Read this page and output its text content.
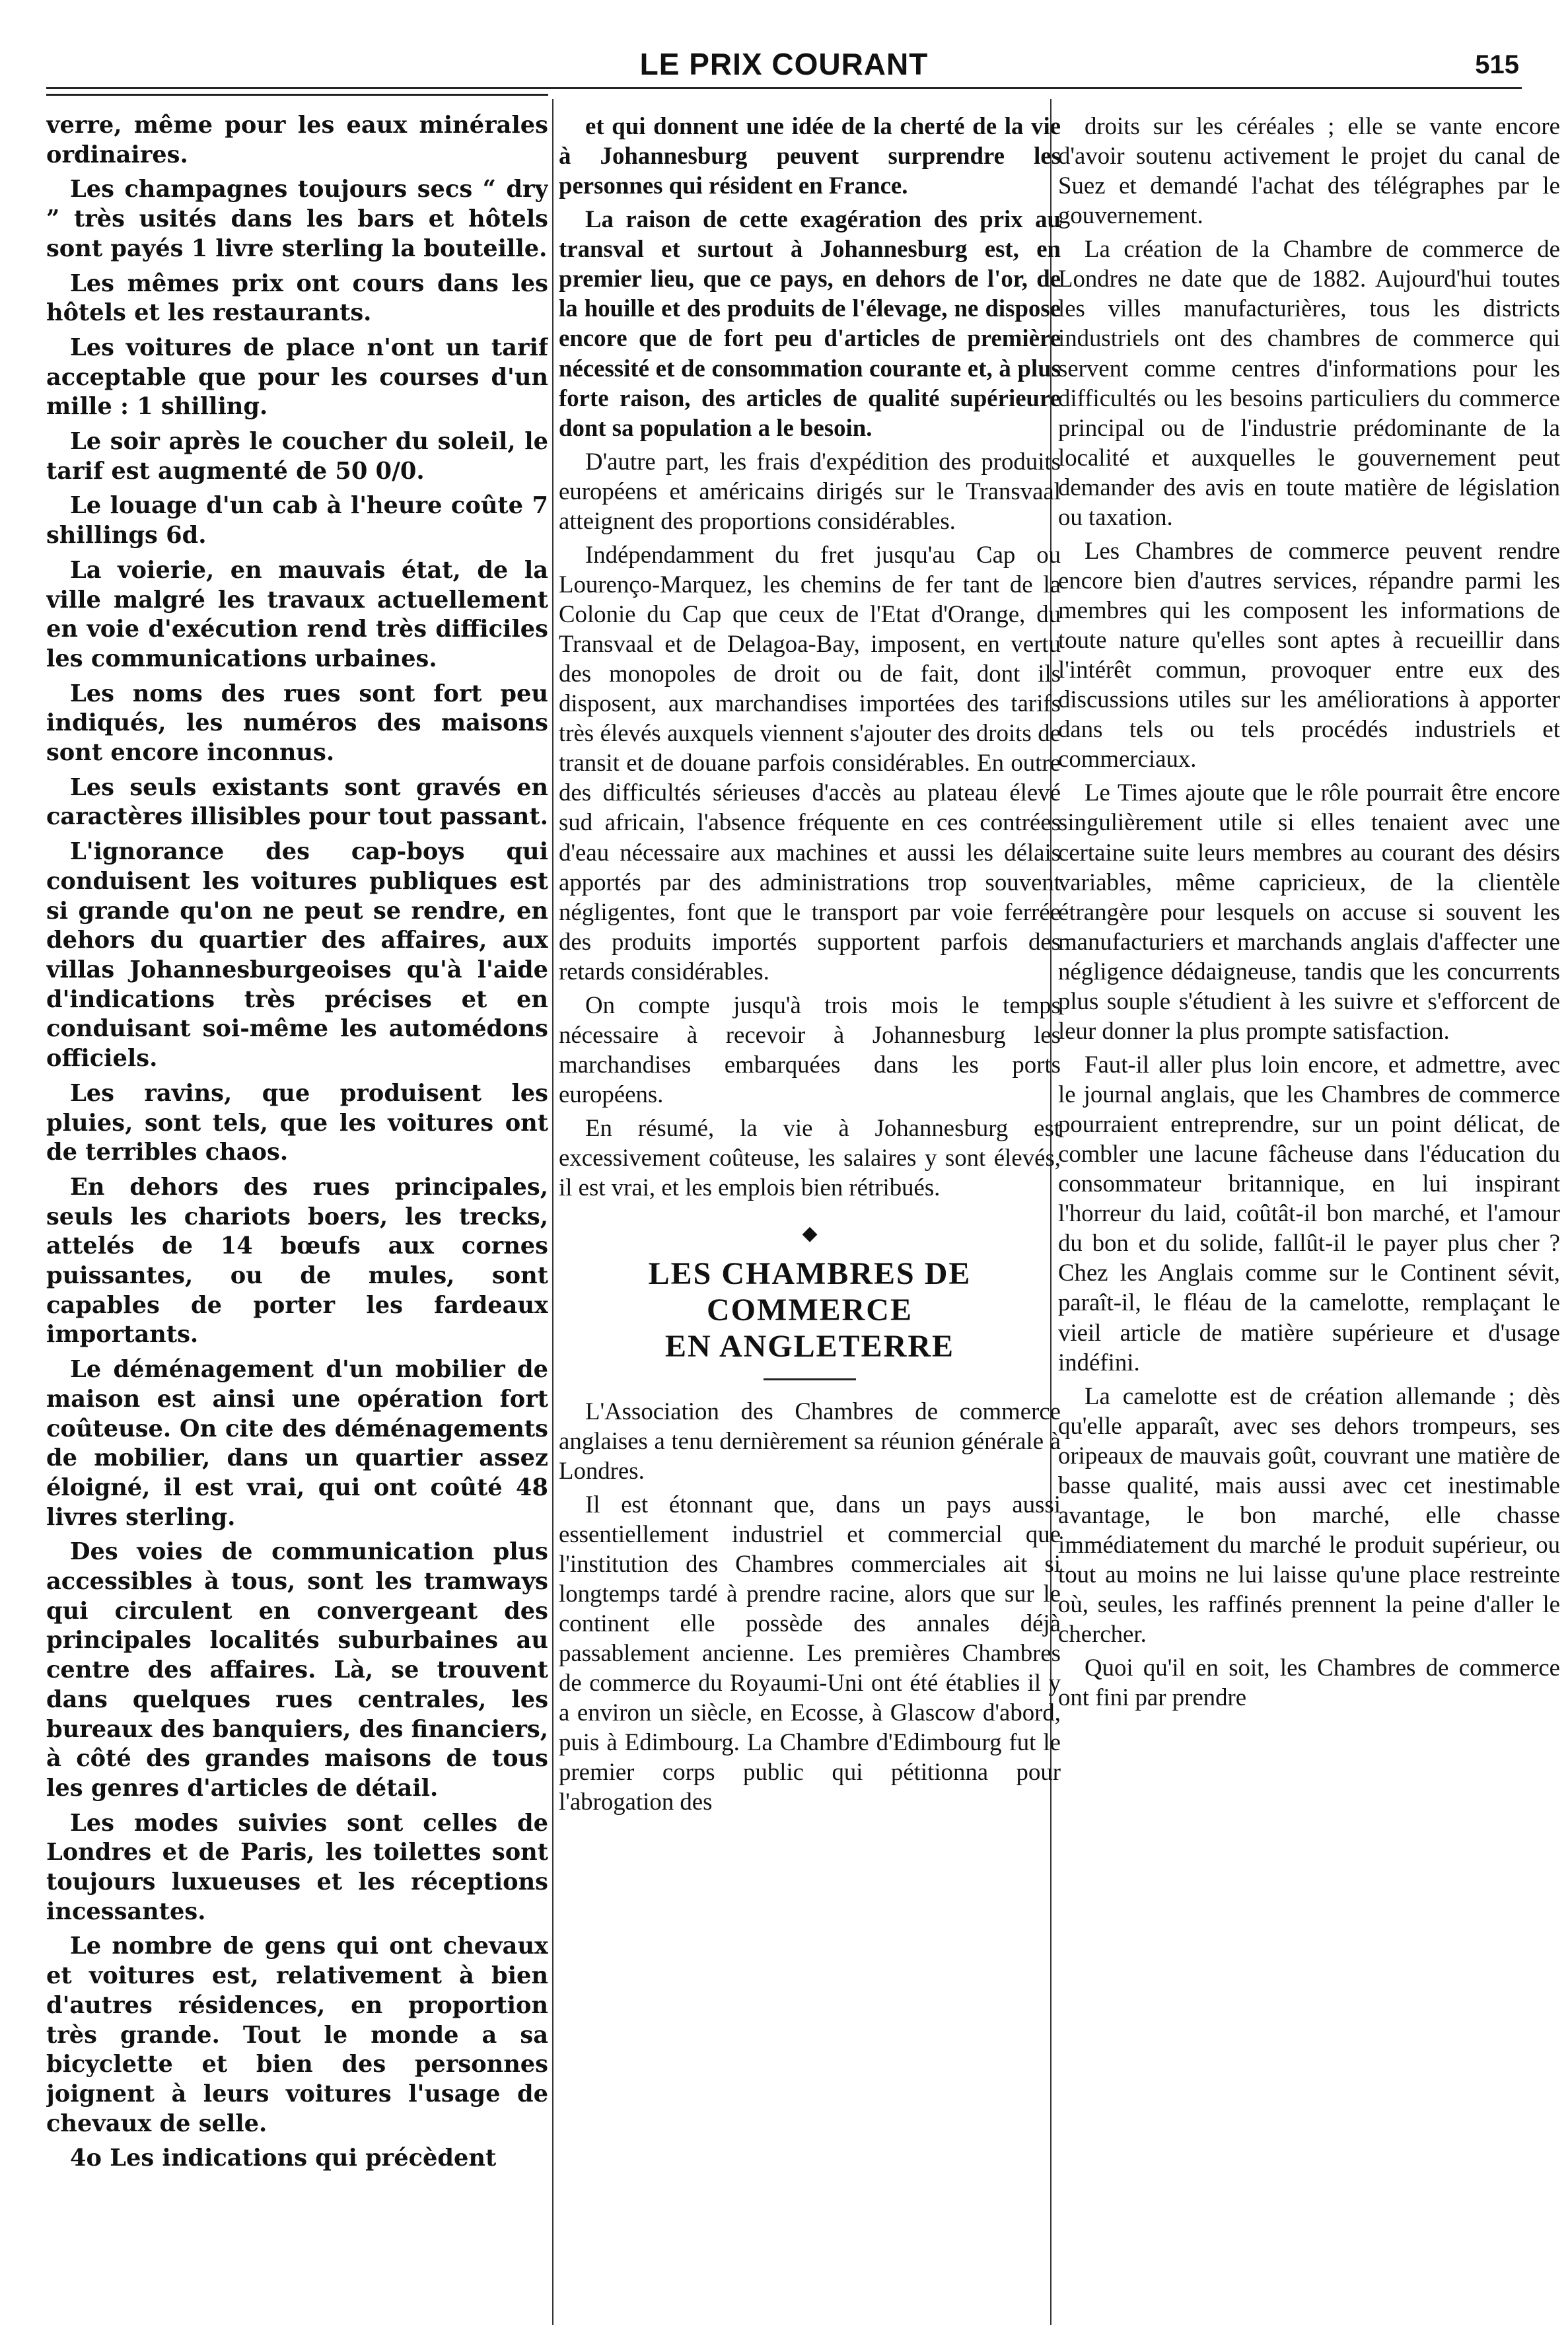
LE PRIX COURANT	515

verre, même pour les eaux minérales ordinaires.

Les champagnes toujours secs “ dry ” très usités dans les bars et hôtels sont payés 1 livre sterling la bouteille.

Les mêmes prix ont cours dans les hôtels et les restaurants.

Les voitures de place n'ont un tarif acceptable que pour les courses d'un mille : 1 shilling.

Le soir après le coucher du soleil, le tarif est augmenté de 50 0/0.

Le louage d'un cab à l'heure coûte 7 shillings 6d.

La voierie, en mauvais état, de la ville malgré les travaux actuellement en voie d'exécution rend très difficiles les communications urbaines.

Les noms des rues sont fort peu indiqués, les numéros des maisons sont encore inconnus.

Les seuls existants sont gravés en caractères illisibles pour tout passant.

L'ignorance des cap-boys qui conduisent les voitures publiques est si grande qu'on ne peut se rendre, en dehors du quartier des affaires, aux villas Johannesburgeoises qu'à l'aide d'indications très précises et en conduisant soi-même les automédons officiels.

Les ravins, que produisent les pluies, sont tels, que les voitures ont de terribles chaos.

En dehors des rues principales, seuls les chariots boers, les trecks, attelés de 14 bœufs aux cornes puissantes, ou de mules, sont capables de porter les fardeaux importants.

Le déménagement d'un mobilier de maison est ainsi une opération fort coûteuse. On cite des déménagements de mobilier, dans un quartier assez éloigné, il est vrai, qui ont coûté 48 livres sterling.

Des voies de communication plus accessibles à tous, sont les tramways qui circulent en convergeant des principales localités suburbaines au centre des affaires. Là, se trouvent dans quelques rues centrales, les bureaux des banquiers, des financiers, à côté des grandes maisons de tous les genres d'articles de détail.

Les modes suivies sont celles de Londres et de Paris, les toilettes sont toujours luxueuses et les réceptions incessantes.

Le nombre de gens qui ont chevaux et voitures est, relativement à bien d'autres résidences, en proportion très grande. Tout le monde a sa bicyclette et bien des personnes joignent à leurs voitures l'usage de chevaux de selle.

4o Les indications qui précèdent

et qui donnent une idée de la cherté de la vie à Johannesburg peuvent surprendre les personnes qui résident en France.

La raison de cette exagération des prix au transval et surtout à Johannesburg est, en premier lieu, que ce pays, en dehors de l'or, de la houille et des produits de l'élevage, ne dispose encore que de fort peu d'articles de première nécessité et de consommation courante et, à plus forte raison, des articles de qualité supérieure dont sa population a le besoin.

D'autre part, les frais d'expédition des produits européens et américains dirigés sur le Transvaal atteignent des proportions considérables.

Indépendamment du fret jusqu'au Cap ou Lourenço-Marquez, les chemins de fer tant de la Colonie du Cap que ceux de l'Etat d'Orange, du Transvaal et de Delagoa-Bay, imposent, en vertu des monopoles de droit ou de fait, dont ils disposent, aux marchandises importées des tarifs très élevés auxquels viennent s'ajouter des droits de transit et de douane parfois considérables. En outre des difficultés sérieuses d'accès au plateau élevé sud africain, l'absence fréquente en ces contrées d'eau nécessaire aux machines et aussi les délais apportés par des administrations trop souvent négligentes, font que le transport par voie ferrée des produits importés supportent parfois des retards considérables.

On compte jusqu'à trois mois le temps nécessaire à recevoir à Johannesburg les marchandises embarquées dans les ports européens.

En résumé, la vie à Johannesburg est excessivement coûteuse, les salaires y sont élevés, il est vrai, et les emplois bien rétribués.

◆
LES CHAMBRES DE COMMERCE
EN ANGLETERRE

L'Association des Chambres de commerce anglaises a tenu dernièrement sa réunion générale à Londres.

Il est étonnant que, dans un pays aussi essentiellement industriel et commercial que l'institution des Chambres commerciales ait si longtemps tardé à prendre racine, alors que sur le continent elle possède des annales déjà passablement ancienne. Les premières Chambres de commerce du Royaumi-Uni ont été établies il y a environ un siècle, en Ecosse, à Glascow d'abord, puis à Edimbourg. La Chambre d'Edimbourg fut le premier corps public qui pétitionna pour l'abrogation des

droits sur les céréales ; elle se vante encore d'avoir soutenu activement le projet du canal de Suez et demandé l'achat des télégraphes par le gouvernement.

La création de la Chambre de commerce de Londres ne date que de 1882. Aujourd'hui toutes les villes manufacturières, tous les districts industriels ont des chambres de commerce qui servent comme centres d'informations pour les difficultés ou les besoins particuliers du commerce principal ou de l'industrie prédominante de la localité et auxquelles le gouvernement peut demander des avis en toute matière de législation ou taxation.

Les Chambres de commerce peuvent rendre encore bien d'autres services, répandre parmi les membres qui les composent les informations de toute nature qu'elles sont aptes à recueillir dans l'intérêt commun, provoquer entre eux des discussions utiles sur les améliorations à apporter dans tels ou tels procédés industriels et commerciaux.

Le Times ajoute que le rôle pourrait être encore singulièrement utile si elles tenaient avec une certaine suite leurs membres au courant des désirs variables, même capricieux, de la clientèle étrangère pour lesquels on accuse si souvent les manufacturiers et marchands anglais d'affecter une négligence dédaigneuse, tandis que les concurrents plus souple s'étudient à les suivre et s'efforcent de leur donner la plus prompte satisfaction.

Faut-il aller plus loin encore, et admettre, avec le journal anglais, que les Chambres de commerce pourraient entreprendre, sur un point délicat, de combler une lacune fâcheuse dans l'éducation du consommateur britannique, en lui inspirant l'horreur du laid, coûtât-il bon marché, et l'amour du bon et du solide, fallût-il le payer plus cher ? Chez les Anglais comme sur le Continent sévit, paraît-il, le fléau de la camelotte, remplaçant le vieil article de matière supérieure et d'usage indéfini.

La camelotte est de création allemande ; dès qu'elle apparaît, avec ses dehors trompeurs, ses oripeaux de mauvais goût, couvrant une matière de basse qualité, mais aussi avec cet inestimable avantage, le bon marché, elle chasse immédiatement du marché le produit supérieur, ou tout au moins ne lui laisse qu'une place restreinte où, seules, les raffinés prennent la peine d'aller le chercher.

Quoi qu'il en soit, les Chambres de commerce ont fini par prendre
